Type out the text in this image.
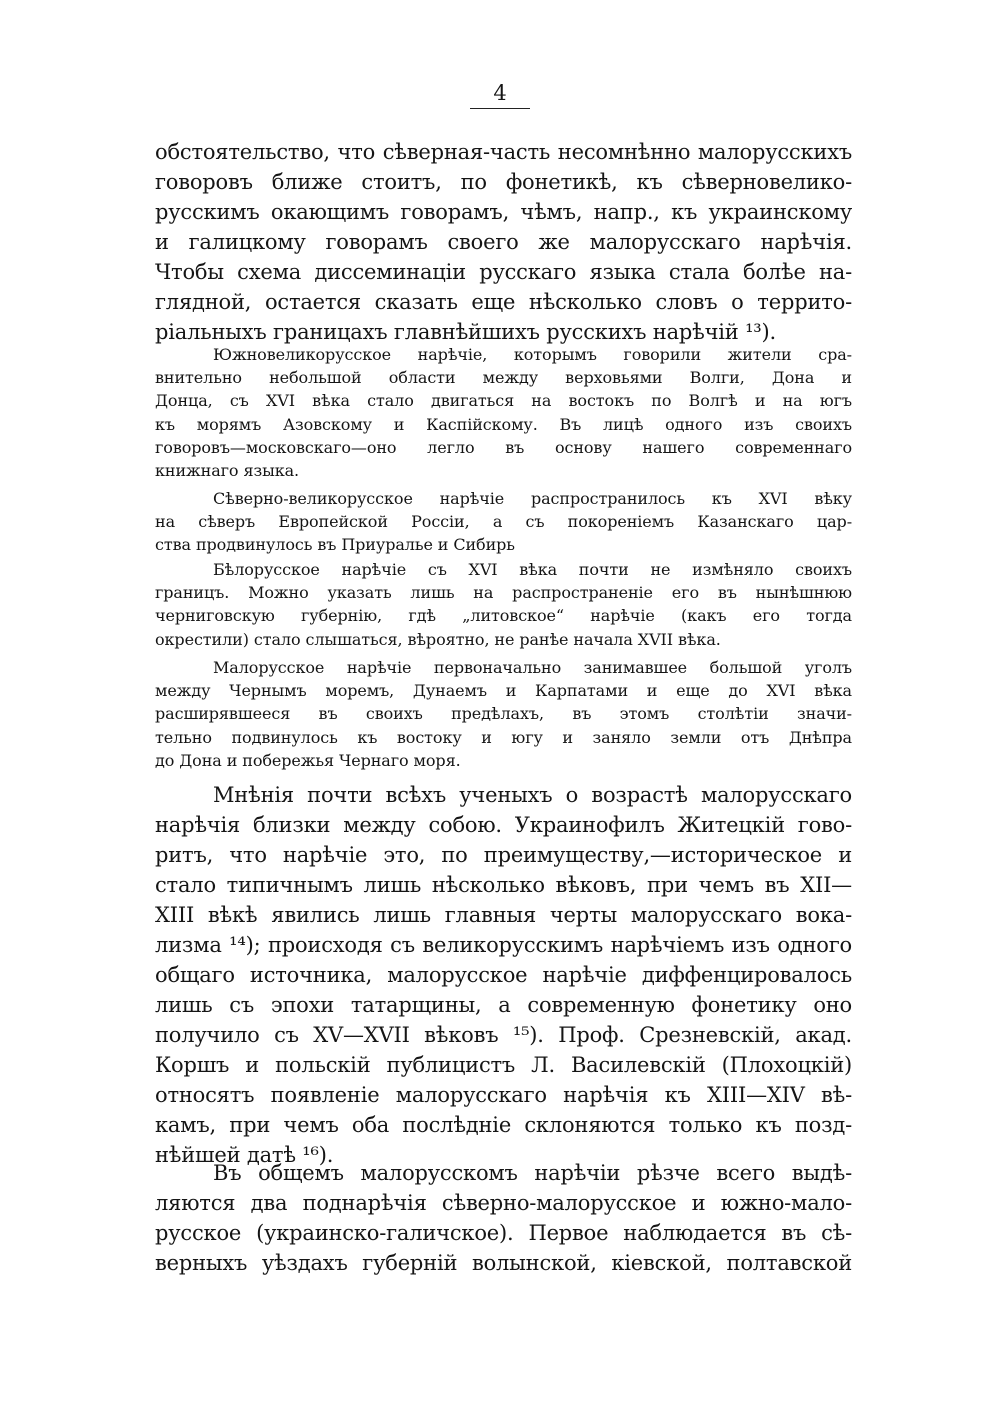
4
обстоятельство, что сѣверная-часть несомнѣнно малорусскихъ
говоровъ ближе стоитъ, по фонетикѣ, къ сѣверновелико-
русскимъ окающимъ говорамъ, чѣмъ, напр., къ украинскому
и галицкому говорамъ своего же малорусскаго нарѣчія.
Чтобы схема диссеминаціи русскаго языка стала болѣе на-
глядной, остается сказать еще нѣсколько словъ о террито-
ріальныхъ границахъ главнѣйшихъ русскихъ нарѣчій ¹³).
Южновеликорусское нарѣчіе, которымъ говорили жители сра-
внительно небольшой области между верховьями Волги, Дона и
Донца, съ XVI вѣка стало двигаться на востокъ по Волгѣ и на югъ
къ морямъ Азовскому и Каспійскому. Въ лицѣ одного изъ своихъ
говоровъ—московскаго—оно легло въ основу нашего современнаго
книжнаго языка.
Сѣверно-великорусское нарѣчіе распространилось къ XVI вѣку
на сѣверъ Европейской Россіи, а съ покореніемъ Казанскаго цар-
ства продвинулось въ Приуралье и Сибирь
Бѣлорусское нарѣчіе съ XVI вѣка почти не измѣняло своихъ
границъ. Можно указать лишь на распространеніе его въ нынѣшнюю
черниговскую губернію, гдѣ „литовское“ нарѣчіе (какъ его тогда
окрестили) стало слышаться, вѣроятно, не ранѣе начала XVII вѣка.
Малорусское нарѣчіе первоначально занимавшее большой уголъ
между Чернымъ моремъ, Дунаемъ и Карпатами и еще до XVI вѣка
расширявшееся въ своихъ предѣлахъ, въ этомъ столѣтіи значи-
тельно подвинулось къ востоку и югу и заняло земли отъ Днѣпра
до Дона и побережья Чернаго моря.
Мнѣнія почти всѣхъ ученыхъ о возрастѣ малорусскаго
нарѣчія близки между собою. Украинофилъ Житецкій гово-
ритъ, что нарѣчіе это, по преимуществу,—историческое и
стало типичнымъ лишь нѣсколько вѣковъ, при чемъ въ XII—
XIII вѣкѣ явились лишь главныя черты малорусскаго вока-
лизма ¹⁴); происходя съ великорусскимъ нарѣчіемъ изъ одного
общаго источника, малорусское нарѣчіе диффенцировалось
лишь съ эпохи татарщины, а современную фонетику оно
получило съ XV—XVII вѣковъ ¹⁵). Проф. Срезневскій, акад.
Коршъ и польскій публицистъ Л. Василевскій (Плохоцкій)
относятъ появленіе малорусскаго нарѣчія къ XIII—XIV вѣ-
камъ, при чемъ оба послѣдніе склоняются только къ позд-
нѣйшей датѣ ¹⁶).
Въ общемъ малорусскомъ нарѣчіи рѣзче всего выдѣ-
ляются два поднарѣчія сѣверно-малорусское и южно-мало-
русское (украинско-галичское). Первое наблюдается въ сѣ-
верныхъ уѣздахъ губерній волынской, кіевской, полтавской
